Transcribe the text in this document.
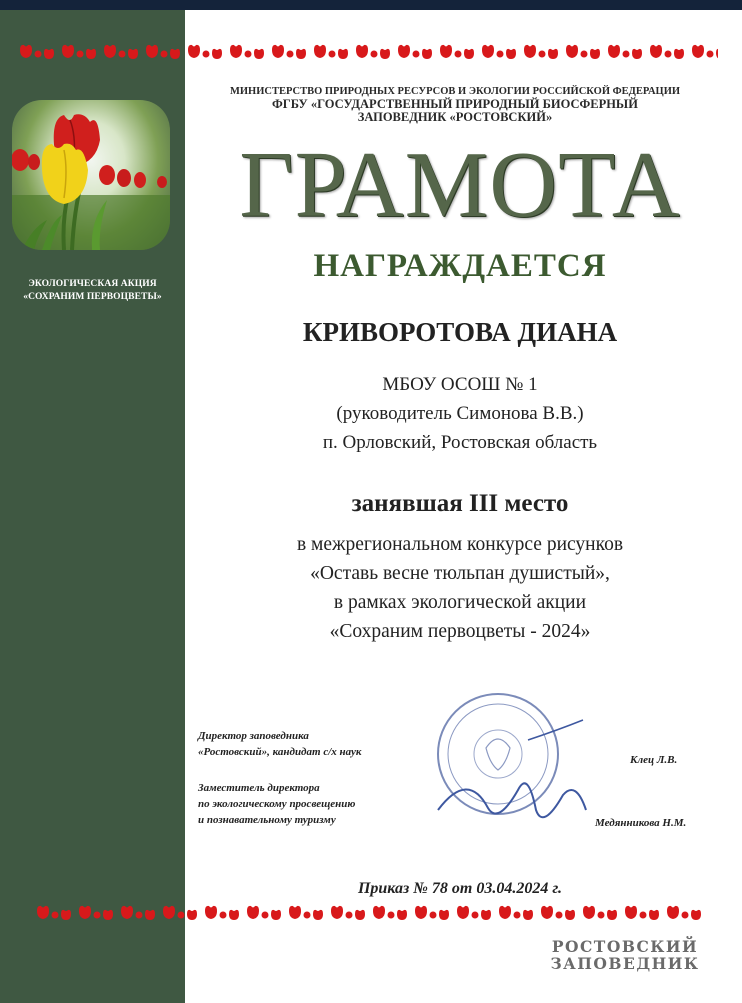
ЭКОЛОГИЧЕСКАЯ АКЦИЯ
«СОХРАНИМ ПЕРВОЦВЕТЫ»
МИНИСТЕРСТВО ПРИРОДНЫХ РЕСУРСОВ И ЭКОЛОГИИ РОССИЙСКОЙ ФЕДЕРАЦИИ
ФГБУ «ГОСУДАРСТВЕННЫЙ ПРИРОДНЫЙ БИОСФЕРНЫЙ
ЗАПОВЕДНИК «РОСТОВСКИЙ»
ГРАМОТА
НАГРАЖДАЕТСЯ
КРИВОРОТОВА ДИАНА
МБОУ ОСОШ № 1
(руководитель Симонова В.В.)
п. Орловский, Ростовская область
занявшая III место
в межрегиональном конкурсе рисунков
«Оставь весне тюльпан душистый»,
в рамках экологической акции
«Сохраним первоцветы - 2024»
Директор заповедника
«Ростовский», кандидат с/х наук
Клец Л.В.
Заместитель директора
по экологическому просвещению
и познавательному туризму	Медянникова Н.М.
Приказ № 78 от 03.04.2024 г.
РОСТОВСКИЙ
ЗАПОВЕДНИК
